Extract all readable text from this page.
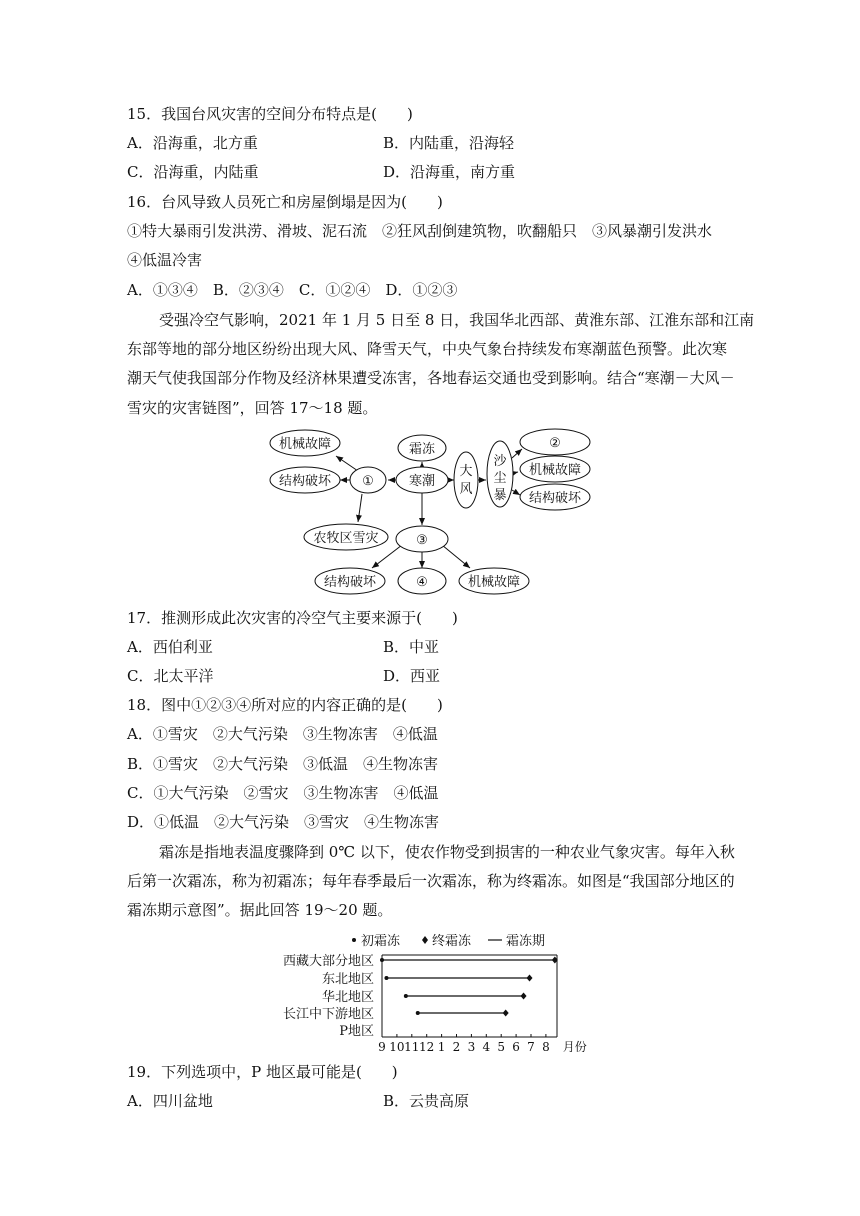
15．我国台风灾害的空间分布特点是(　　)
A．沿海重，北方重	B．内陆重，沿海轻
C．沿海重，内陆重	D．沿海重，南方重
16．台风导致人员死亡和房屋倒塌是因为(　　)
①特大暴雨引发洪涝、滑坡、泥石流　②狂风刮倒建筑物，吹翻船只　③风暴潮引发洪水
④低温冷害
A．①③④　B．②③④　C．①②④　D．①②③
受强冷空气影响，2021 年 1 月 5 日至 8 日，我国华北西部、黄淮东部、江淮东部和江南
东部等地的部分地区纷纷出现大风、降雪天气，中央气象台持续发布寒潮蓝色预警。此次寒
潮天气使我国部分作物及经济林果遭受冻害，各地春运交通也受到影响。结合“寒潮－大风－
雪灾的灾害链图”，回答 17～18 题。
机械故障
结构破坏 ①
霜冻
寒潮
大
风
沙
尘
暴
②
机械故障
结构破坏
农牧区雪灾	③
结构破坏	④	机械故障
17．推测形成此次灾害的冷空气主要来源于(　　)
A．西伯利亚	B．中亚
C．北太平洋	D．西亚
18．图中①②③④所对应的内容正确的是(　　)
A．①雪灾　②大气污染　③生物冻害　④低温
B．①雪灾　②大气污染　③低温　④生物冻害
C．①大气污染　②雪灾　③生物冻害　④低温
D．①低温　②大气污染　③雪灾　④生物冻害
霜冻是指地表温度骤降到 0℃ 以下，使农作物受到损害的一种农业气象灾害。每年入秋
后第一次霜冻，称为初霜冻；每年春季最后一次霜冻，称为终霜冻。如图是“我国部分地区的
霜冻期示意图”。据此回答 19～20 题。
初霜冻 终霜冻	霜冻期
9 10 11 12 1 2 3 4 5 6 7 8 月份
西藏大部分地区
东北地区
华北地区
长江中下游地区
P地区
19．下列选项中，P 地区最可能是(　　)
A．四川盆地	B．云贵高原
